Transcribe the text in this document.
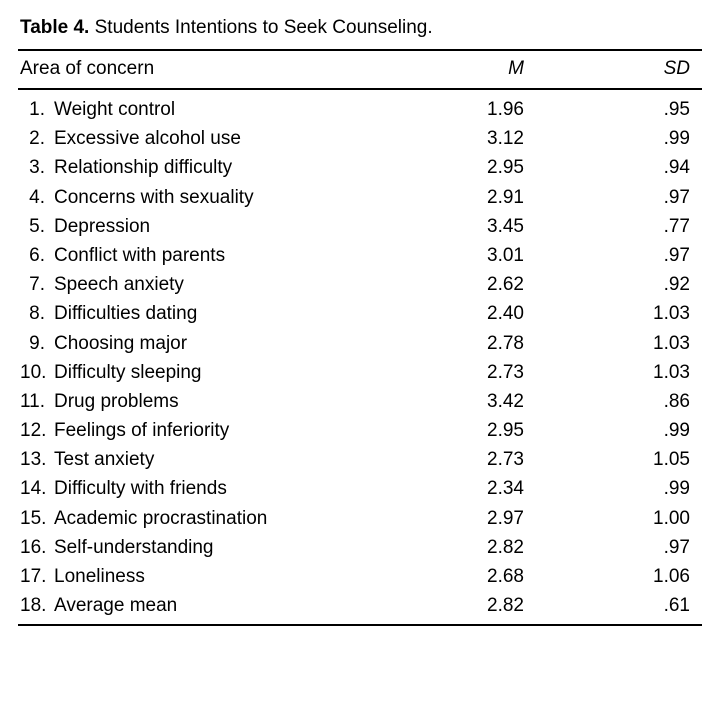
Table 4. Students Intentions to Seek Counseling.

Area of concern	M	SD
1. Weight control	1.96	.95
2. Excessive alcohol use	3.12	.99
3. Relationship difficulty	2.95	.94
4. Concerns with sexuality	2.91	.97
5. Depression	3.45	.77
6. Conflict with parents	3.01	.97
7. Speech anxiety	2.62	.92
8. Difficulties dating	2.40	1.03
9. Choosing major	2.78	1.03
10. Difficulty sleeping	2.73	1.03
11. Drug problems	3.42	.86
12. Feelings of inferiority	2.95	.99
13. Test anxiety	2.73	1.05
14. Difficulty with friends	2.34	.99
15. Academic procrastination	2.97	1.00
16. Self-understanding	2.82	.97
17. Loneliness	2.68	1.06
18. Average mean	2.82	.61
